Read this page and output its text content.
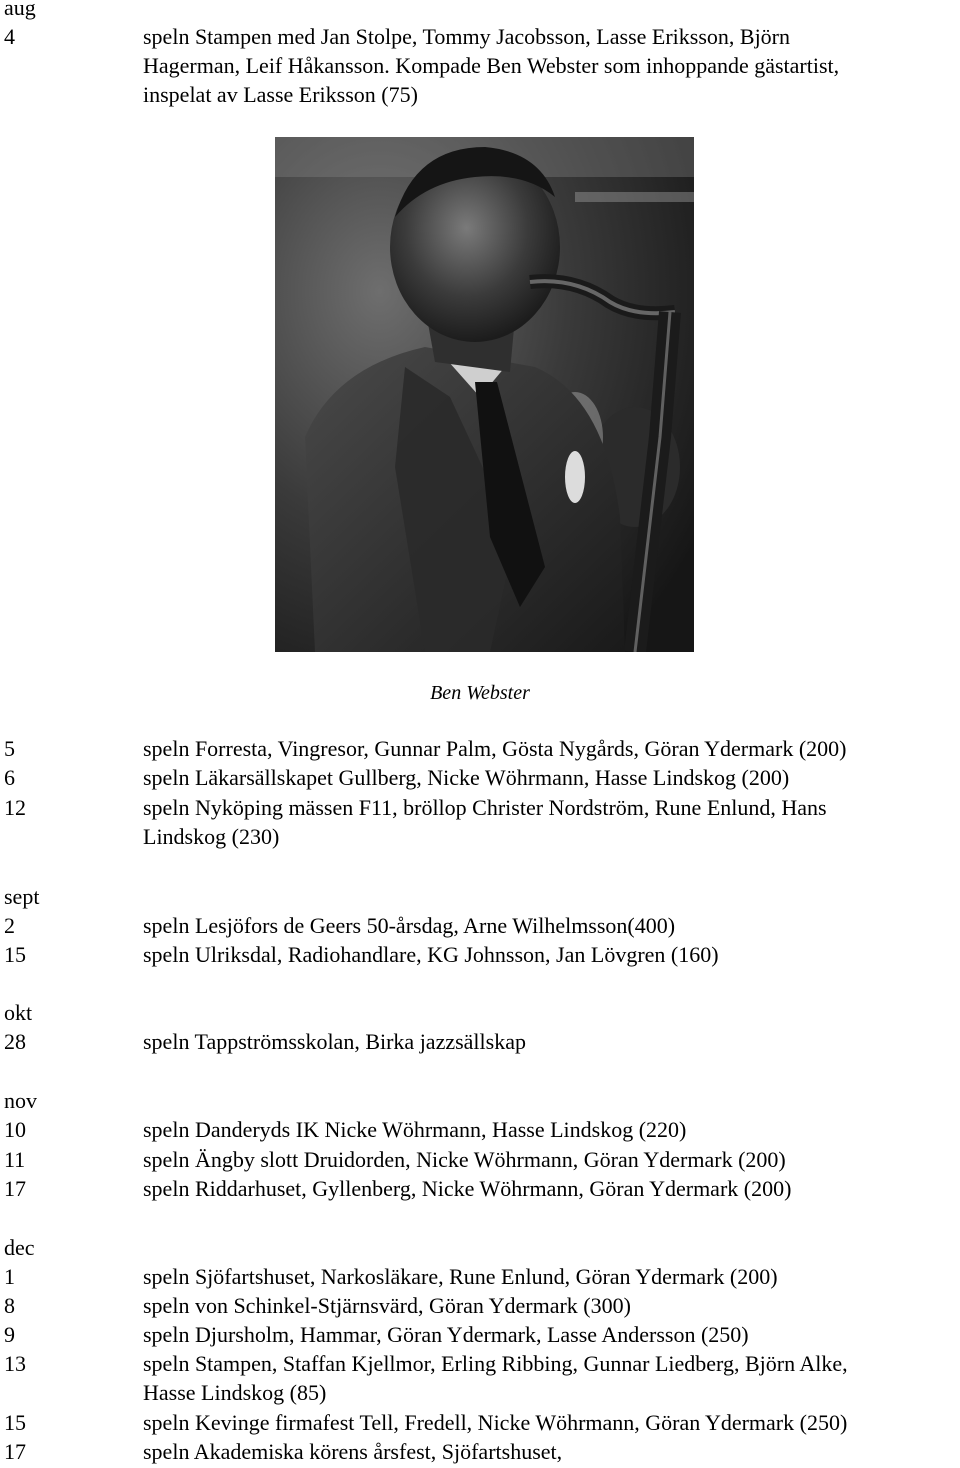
aug
4	speln Stampen med Jan Stolpe, Tommy Jacobsson, Lasse Eriksson, Björn
Hagerman, Leif Håkansson. Kompade Ben Webster som inhoppande gästartist,
inspelat av Lasse Eriksson (75)
Ben Webster
5	speln Forresta, Vingresor, Gunnar Palm, Gösta Nygårds, Göran Ydermark (200)
6	speln Läkarsällskapet Gullberg, Nicke Wöhrmann, Hasse Lindskog (200)
12	speln Nyköping mässen F11, bröllop Christer Nordström, Rune Enlund, Hans
Lindskog (230)
sept
2	speln Lesjöfors de Geers 50-årsdag, Arne Wilhelmsson(400)
15	speln Ulriksdal, Radiohandlare, KG Johnsson, Jan Lövgren (160)
okt
28	speln Tappströmsskolan, Birka jazzsällskap
nov
10	speln Danderyds IK Nicke Wöhrmann, Hasse Lindskog (220)
11	speln Ängby slott Druidorden, Nicke Wöhrmann, Göran Ydermark (200)
17	speln Riddarhuset, Gyllenberg, Nicke Wöhrmann, Göran Ydermark (200)
dec
1	speln Sjöfartshuset, Narkosläkare, Rune Enlund, Göran Ydermark (200)
8	speln von Schinkel-Stjärnsvärd, Göran Ydermark (300)
9	speln Djursholm, Hammar, Göran Ydermark, Lasse Andersson (250)
13	speln Stampen, Staffan Kjellmor, Erling Ribbing, Gunnar Liedberg, Björn Alke,
Hasse Lindskog (85)
15	speln Kevinge firmafest Tell, Fredell, Nicke Wöhrmann, Göran Ydermark (250)
17	speln Akademiska körens årsfest, Sjöfartshuset,
